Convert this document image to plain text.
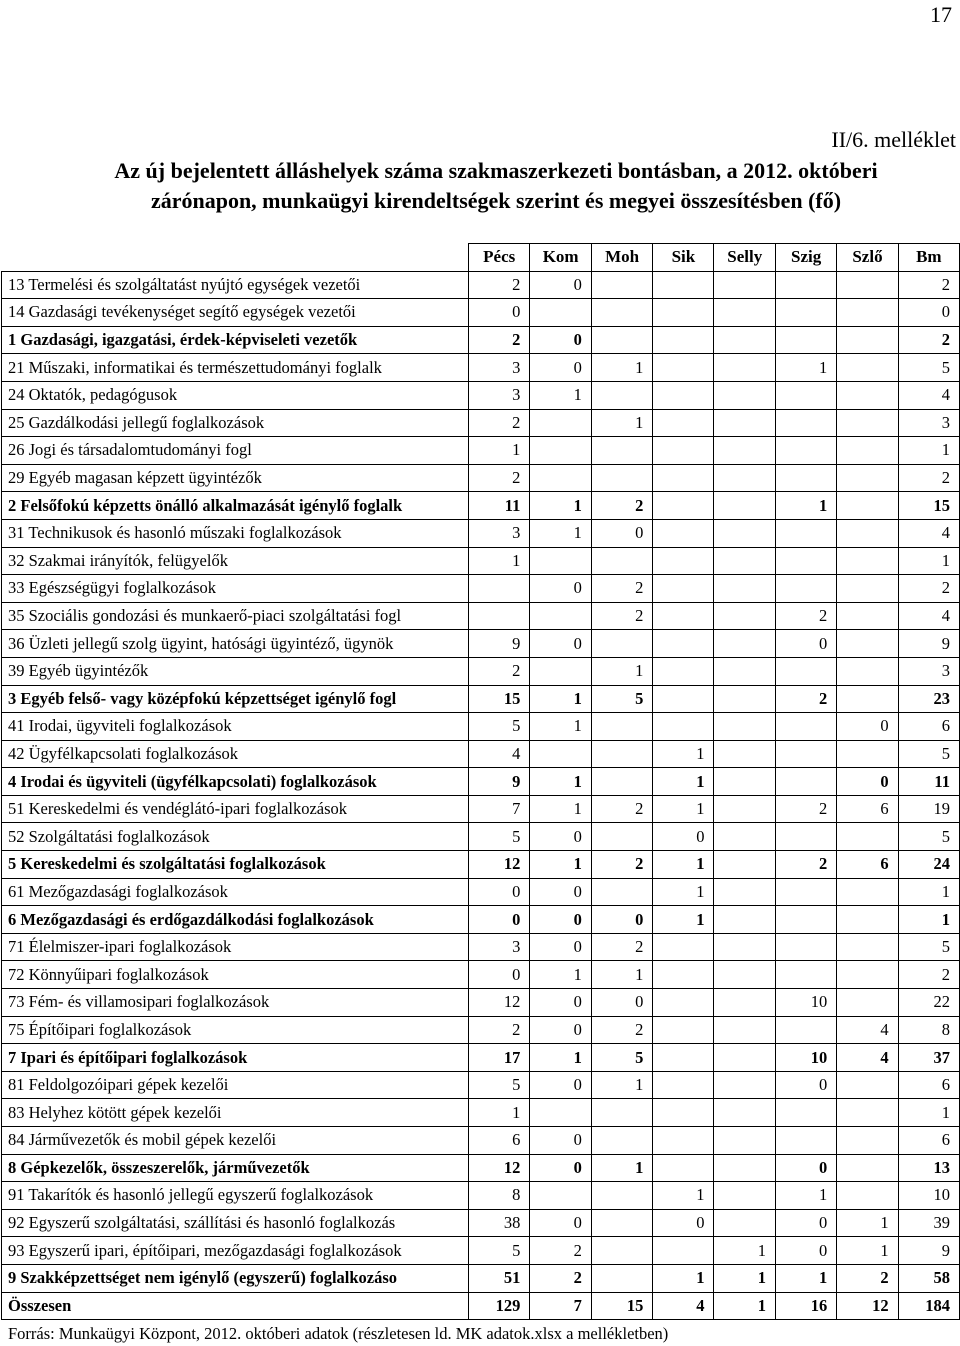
17
II/6. melléklet
Az új bejelentett álláshelyek száma szakmaszerkezeti bontásban, a 2012. októberi
zárónapon, munkaügyi kirendeltségek szerint és megyei összesítésben (fő)
	Pécs	Kom	Moh	Sik	Selly	Szig	Szlő	Bm
13 Termelési és szolgáltatást nyújtó egységek vezetői	2	0						2
14 Gazdasági tevékenységet segítő egységek vezetői	0							0
1 Gazdasági, igazgatási, érdek-képviseleti vezetők	2	0						2
21 Műszaki, informatikai és természettudományi foglalk	3	0	1			1		5
24 Oktatók, pedagógusok	3	1						4
25 Gazdálkodási jellegű foglalkozások	2		1					3
26 Jogi és társadalomtudományi fogl	1							1
29 Egyéb magasan képzett ügyintézők	2							2
2 Felsőfokú képzetts önálló alkalmazását igénylő foglalk	11	1	2			1		15
31 Technikusok és hasonló műszaki foglalkozások	3	1	0					4
32 Szakmai irányítók, felügyelők	1							1
33 Egészségügyi foglalkozások		0	2					2
35 Szociális gondozási és munkaerő-piaci szolgáltatási fogl			2			2		4
36 Üzleti jellegű szolg ügyint, hatósági ügyintéző, ügynök	9	0				0		9
39 Egyéb ügyintézők	2		1					3
3 Egyéb felső- vagy középfokú képzettséget igénylő fogl	15	1	5			2		23
41 Irodai, ügyviteli foglalkozások	5	1					0	6
42 Ügyfélkapcsolati foglalkozások	4			1				5
4 Irodai és ügyviteli (ügyfélkapcsolati) foglalkozások	9	1		1			0	11
51 Kereskedelmi és vendéglátó-ipari foglalkozások	7	1	2	1		2	6	19
52 Szolgáltatási foglalkozások	5	0		0				5
5 Kereskedelmi és szolgáltatási foglalkozások	12	1	2	1		2	6	24
61 Mezőgazdasági foglalkozások	0	0		1				1
6 Mezőgazdasági és erdőgazdálkodási foglalkozások	0	0	0	1				1
71 Élelmiszer-ipari foglalkozások	3	0	2					5
72 Könnyűipari foglalkozások	0	1	1					2
73 Fém- és villamosipari foglalkozások	12	0	0			10		22
75 Építőipari foglalkozások	2	0	2				4	8
7 Ipari és építőipari foglalkozások	17	1	5			10	4	37
81 Feldolgozóipari gépek kezelői	5	0	1			0		6
83 Helyhez kötött gépek kezelői	1							1
84 Járművezetők és mobil gépek kezelői	6	0						6
8 Gépkezelők, összeszerelők, járművezetők	12	0	1			0		13
91 Takarítók és hasonló jellegű egyszerű foglalkozások	8			1		1		10
92 Egyszerű szolgáltatási, szállítási és hasonló foglalkozás	38	0		0		0	1	39
93 Egyszerű ipari, építőipari, mezőgazdasági foglalkozások	5	2			1	0	1	9
9 Szakképzettséget nem igénylő (egyszerű) foglalkozáso	51	2		1	1	1	2	58
Összesen	129	7	15	4	1	16	12	184
Forrás: Munkaügyi Központ, 2012. októberi adatok (részletesen ld. MK adatok.xlsx a mellékletben)
